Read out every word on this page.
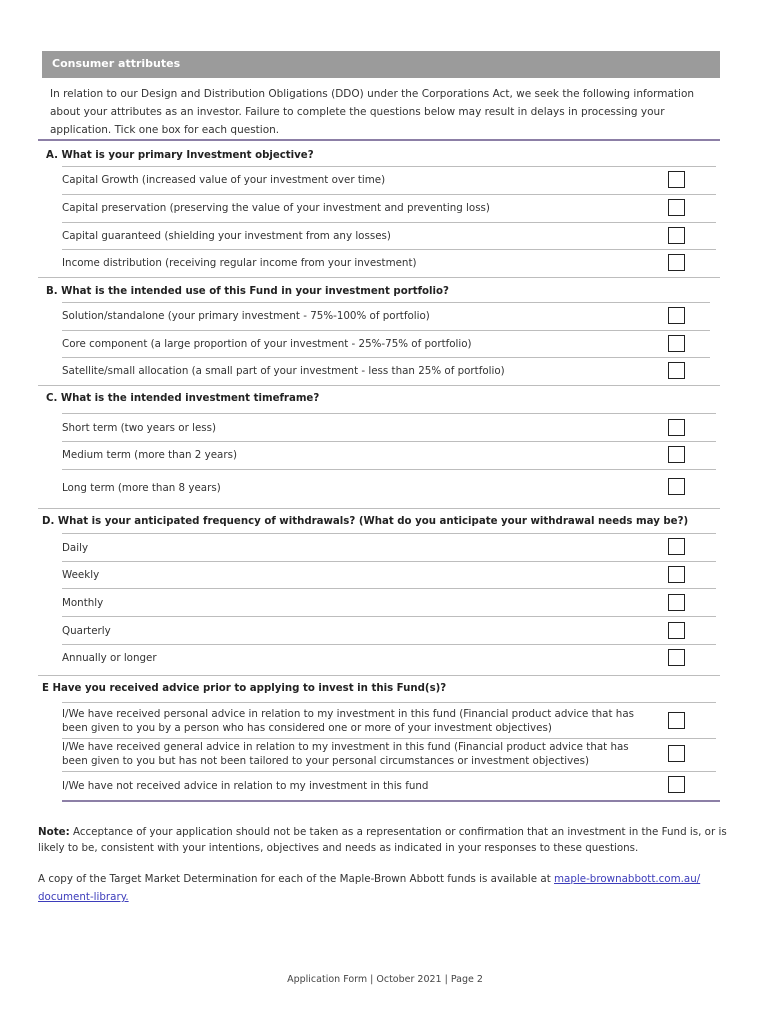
Consumer attributes
In relation to our Design and Distribution Obligations (DDO) under the Corporations Act, we seek the following information about your attributes as an investor. Failure to complete the questions below may result in delays in processing your application. Tick one box for each question.
A. What is your primary Investment objective?
Capital Growth (increased value of your investment over time)
Capital preservation (preserving the value of your investment and preventing loss)
Capital guaranteed (shielding your investment from any losses)
Income distribution (receiving regular income from your investment)
B. What is the intended use of this Fund in your investment portfolio?
Solution/standalone (your primary investment - 75%-100% of portfolio)
Core component (a large proportion of your investment - 25%-75% of portfolio)
Satellite/small allocation (a small part of your investment - less than 25% of portfolio)
C. What is the intended investment timeframe?
Short term (two years or less)
Medium term (more than 2 years)
Long term (more than 8 years)
D. What is your anticipated frequency of withdrawals? (What do you anticipate your withdrawal needs may be?)
Daily
Weekly
Monthly
Quarterly
Annually or longer
E Have you received advice prior to applying to invest in this Fund(s)?
I/We have received personal advice in relation to my investment in this fund (Financial product advice that has been given to you by a person who has considered one or more of your investment objectives)
I/We have received general advice in relation to my investment in this fund (Financial product advice that has been given to you but has not been tailored to your personal circumstances or investment objectives)
I/We have not received advice in relation to my investment in this fund
Note: Acceptance of your application should not be taken as a representation or confirmation that an investment in the Fund is, or is likely to be, consistent with your intentions, objectives and needs as indicated in your responses to these questions.
A copy of the Target Market Determination for each of the Maple-Brown Abbott funds is available at maple-brownabbott.com.au/ document-library.
Application Form | October 2021 | Page 2
